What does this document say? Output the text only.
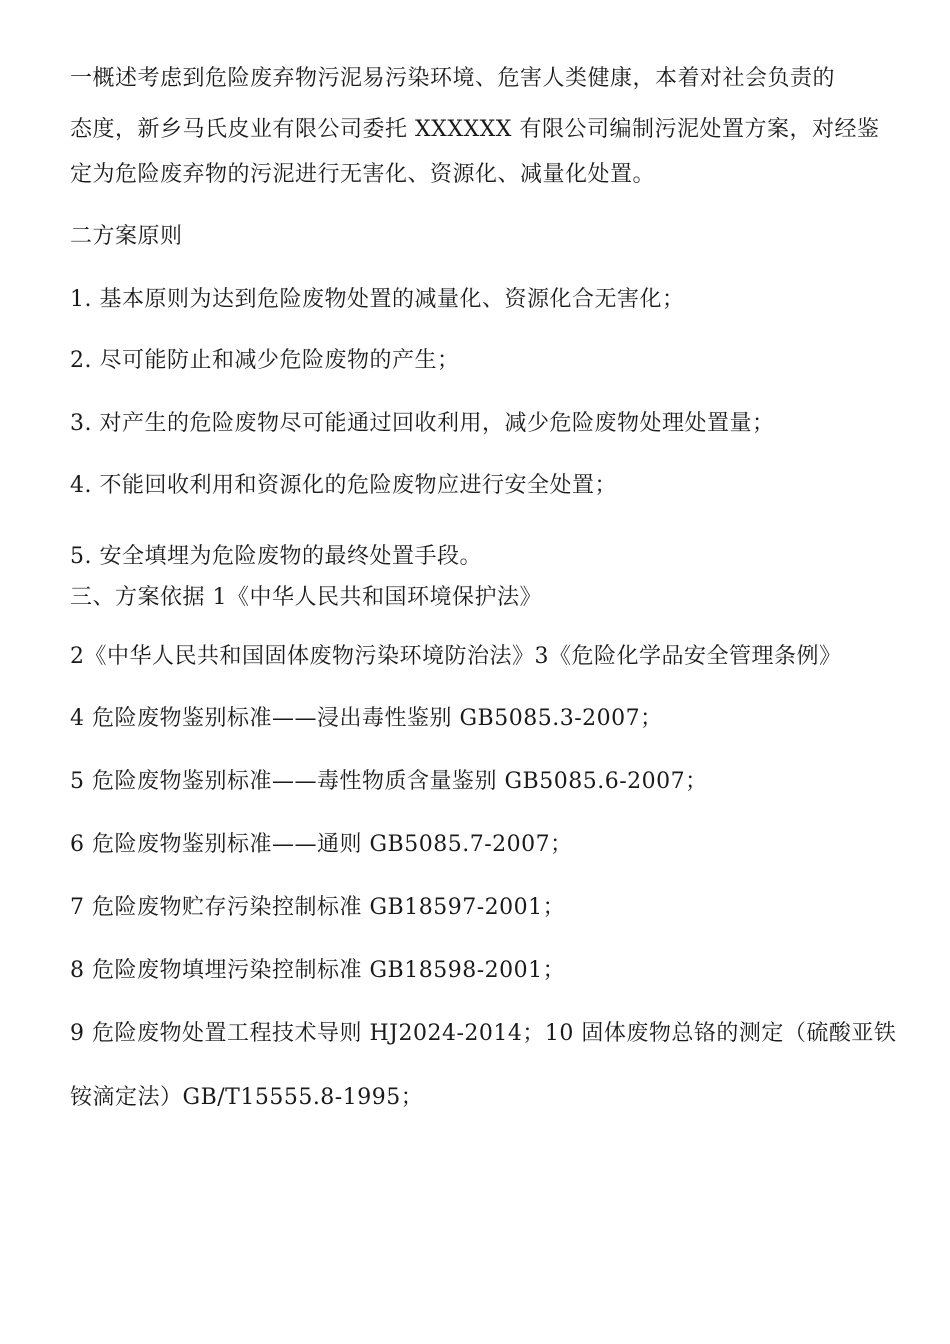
一概述考虑到危险废弃物污泥易污染环境、危害人类健康，本着对社会负责的
态度，新乡马氏皮业有限公司委托 XXXXXX 有限公司编制污泥处置方案，对经鉴
定为危险废弃物的污泥进行无害化、资源化、减量化处置。
二方案原则
1. 基本原则为达到危险废物处置的减量化、资源化合无害化；
2. 尽可能防止和减少危险废物的产生；
3. 对产生的危险废物尽可能通过回收利用，减少危险废物处理处置量；
4. 不能回收利用和资源化的危险废物应进行安全处置；
5. 安全填埋为危险废物的最终处置手段。
三、方案依据 1《中华人民共和国环境保护法》
2《中华人民共和国固体废物污染环境防治法》3《危险化学品安全管理条例》
4 危险废物鉴别标准——浸出毒性鉴别 GB5085.3-2007；
5 危险废物鉴别标准——毒性物质含量鉴别 GB5085.6-2007；
6 危险废物鉴别标准——通则 GB5085.7-2007；
7 危险废物贮存污染控制标准 GB18597-2001；
8 危险废物填埋污染控制标准 GB18598-2001；
9 危险废物处置工程技术导则 HJ2024-2014；10 固体废物总铬的测定（硫酸亚铁
铵滴定法）GB/T15555.8-1995；
